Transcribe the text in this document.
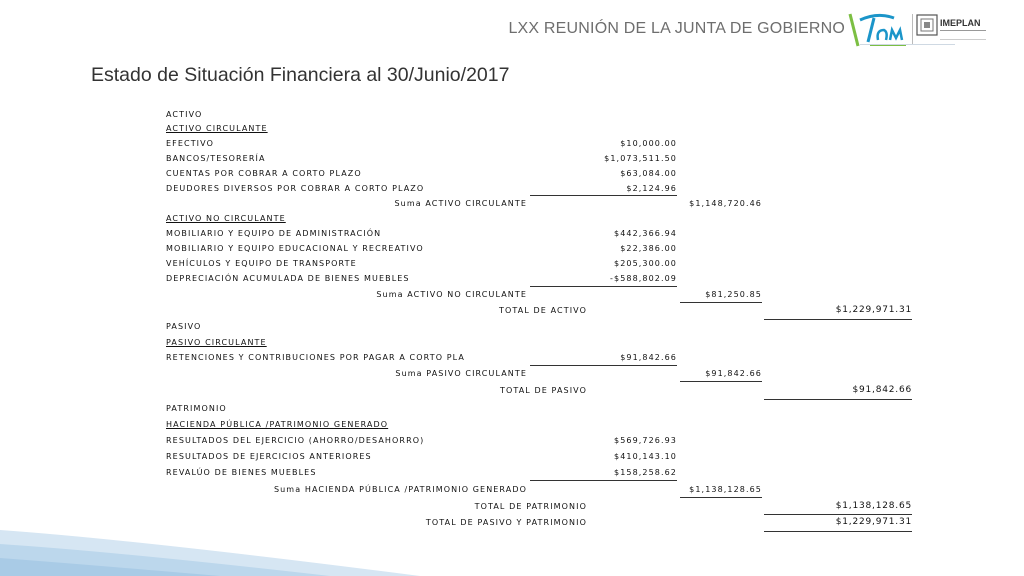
LXX REUNIÓN DE LA JUNTA DE GOBIERNO	IMEPLAN
Estado de Situación Financiera al 30/Junio/2017
ACTIVO
ACTIVO CIRCULANTE
EFECTIVO	$10,000.00
BANCOS/TESORERÍA	$1,073,511.50
CUENTAS POR COBRAR A CORTO PLAZO	$63,084.00
DEUDORES DIVERSOS POR COBRAR A CORTO PLAZO	$2,124.96
Suma ACTIVO CIRCULANTE	$1,148,720.46
ACTIVO NO CIRCULANTE
MOBILIARIO Y EQUIPO DE ADMINISTRACIÓN	$442,366.94
MOBILIARIO Y EQUIPO EDUCACIONAL Y RECREATIVO	$22,386.00
VEHÍCULOS Y EQUIPO DE TRANSPORTE	$205,300.00
DEPRECIACIÓN ACUMULADA DE BIENES MUEBLES	-$588,802.09
Suma ACTIVO NO CIRCULANTE	$81,250.85
TOTAL DE ACTIVO	$1,229,971.31
PASIVO
PASIVO CIRCULANTE
RETENCIONES Y CONTRIBUCIONES POR PAGAR A CORTO PLA	$91,842.66
Suma PASIVO CIRCULANTE	$91,842.66
TOTAL DE PASIVO	$91,842.66
PATRIMONIO
HACIENDA PÚBLICA /PATRIMONIO GENERADO
RESULTADOS DEL EJERCICIO (AHORRO/DESAHORRO)	$569,726.93
RESULTADOS DE EJERCICIOS ANTERIORES	$410,143.10
REVALÚO DE BIENES MUEBLES	$158,258.62
Suma HACIENDA PÚBLICA /PATRIMONIO GENERADO	$1,138,128.65
TOTAL DE PATRIMONIO	$1,138,128.65
TOTAL DE PASIVO Y PATRIMONIO	$1,229,971.31
